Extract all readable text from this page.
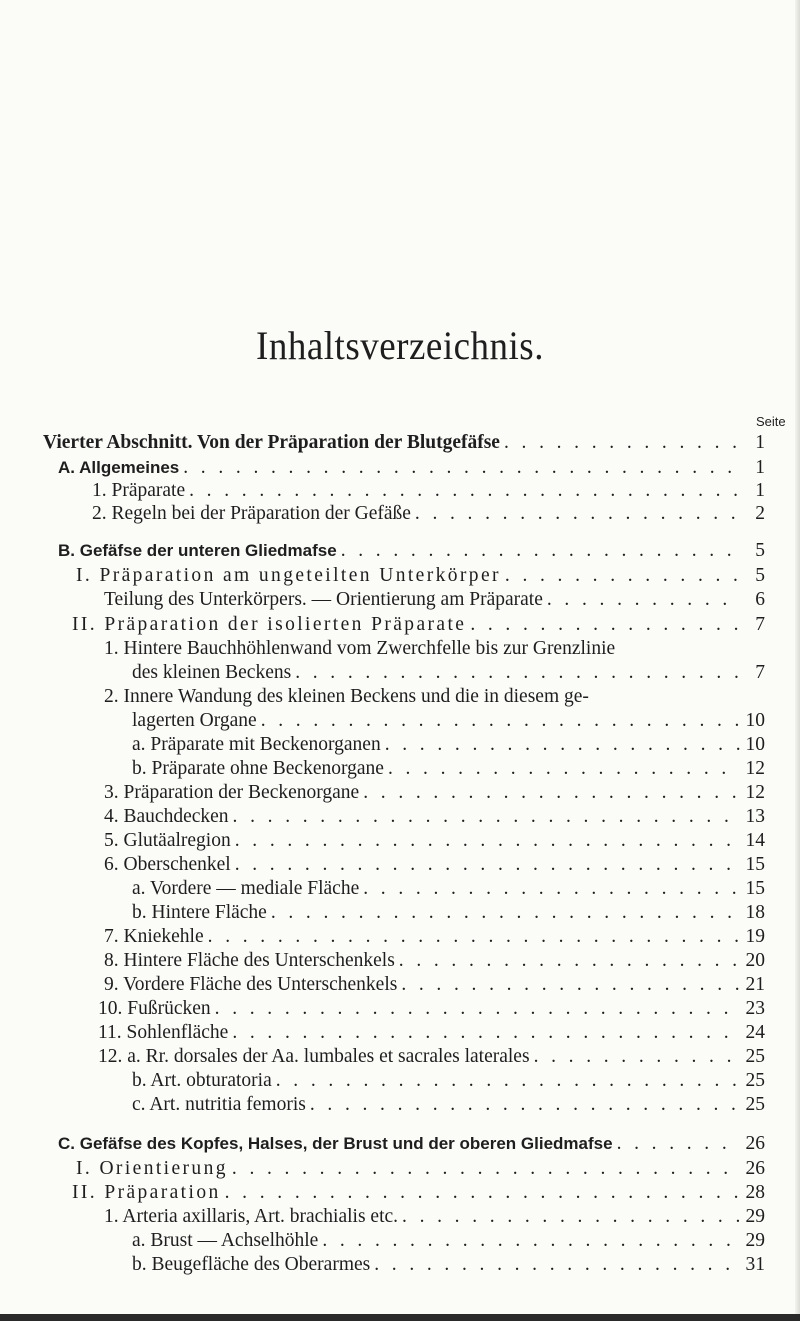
Inhaltsverzeichnis.
Seite
Vierter Abschnitt. Von der Präparation der Blutgefäfse . . .	1
A. Allgemeines . . .	1
1. Präparate . . .	1
2. Regeln bei der Präparation der Gefäße . . .	2
B. Gefäfse der unteren Gliedmafse . . .	5
I. Präparation am ungeteilten Unterkörper . . .	5
Teilung des Unterkörpers. — Orientierung am Präparate . . .	6
II. Präparation der isolierten Präparate . . .	7
1. Hintere Bauchhöhlenwand vom Zwerchfelle bis zur Grenzlinie
des kleinen Beckens . . .	7
2. Innere Wandung des kleinen Beckens und die in diesem ge-
lagerten Organe . . .	10
a. Präparate mit Beckenorganen . . .	10
b. Präparate ohne Beckenorgane . . .	12
3. Präparation der Beckenorgane . . .	12
4. Bauchdecken . . .	13
5. Glutäalregion . . .	14
6. Oberschenkel . . .	15
a. Vordere — mediale Fläche . . .	15
b. Hintere Fläche . . .	18
7. Kniekehle . . .	19
8. Hintere Fläche des Unterschenkels . . .	20
9. Vordere Fläche des Unterschenkels . . .	21
10. Fußrücken . . .	23
11. Sohlenfläche . . .	24
12. a. Rr. dorsales der Aa. lumbales et sacrales laterales . . .	25
b. Art. obturatoria . . .	25
c. Art. nutritia femoris . . .	25
C. Gefäfse des Kopfes, Halses, der Brust und der oberen Gliedmafse . . .	26
I. Orientierung . . .	26
II. Präparation . . .	28
1. Arteria axillaris, Art. brachialis etc. . . .	29
a. Brust — Achselhöhle . . .	29
b. Beugefläche des Oberarmes . . .	31
